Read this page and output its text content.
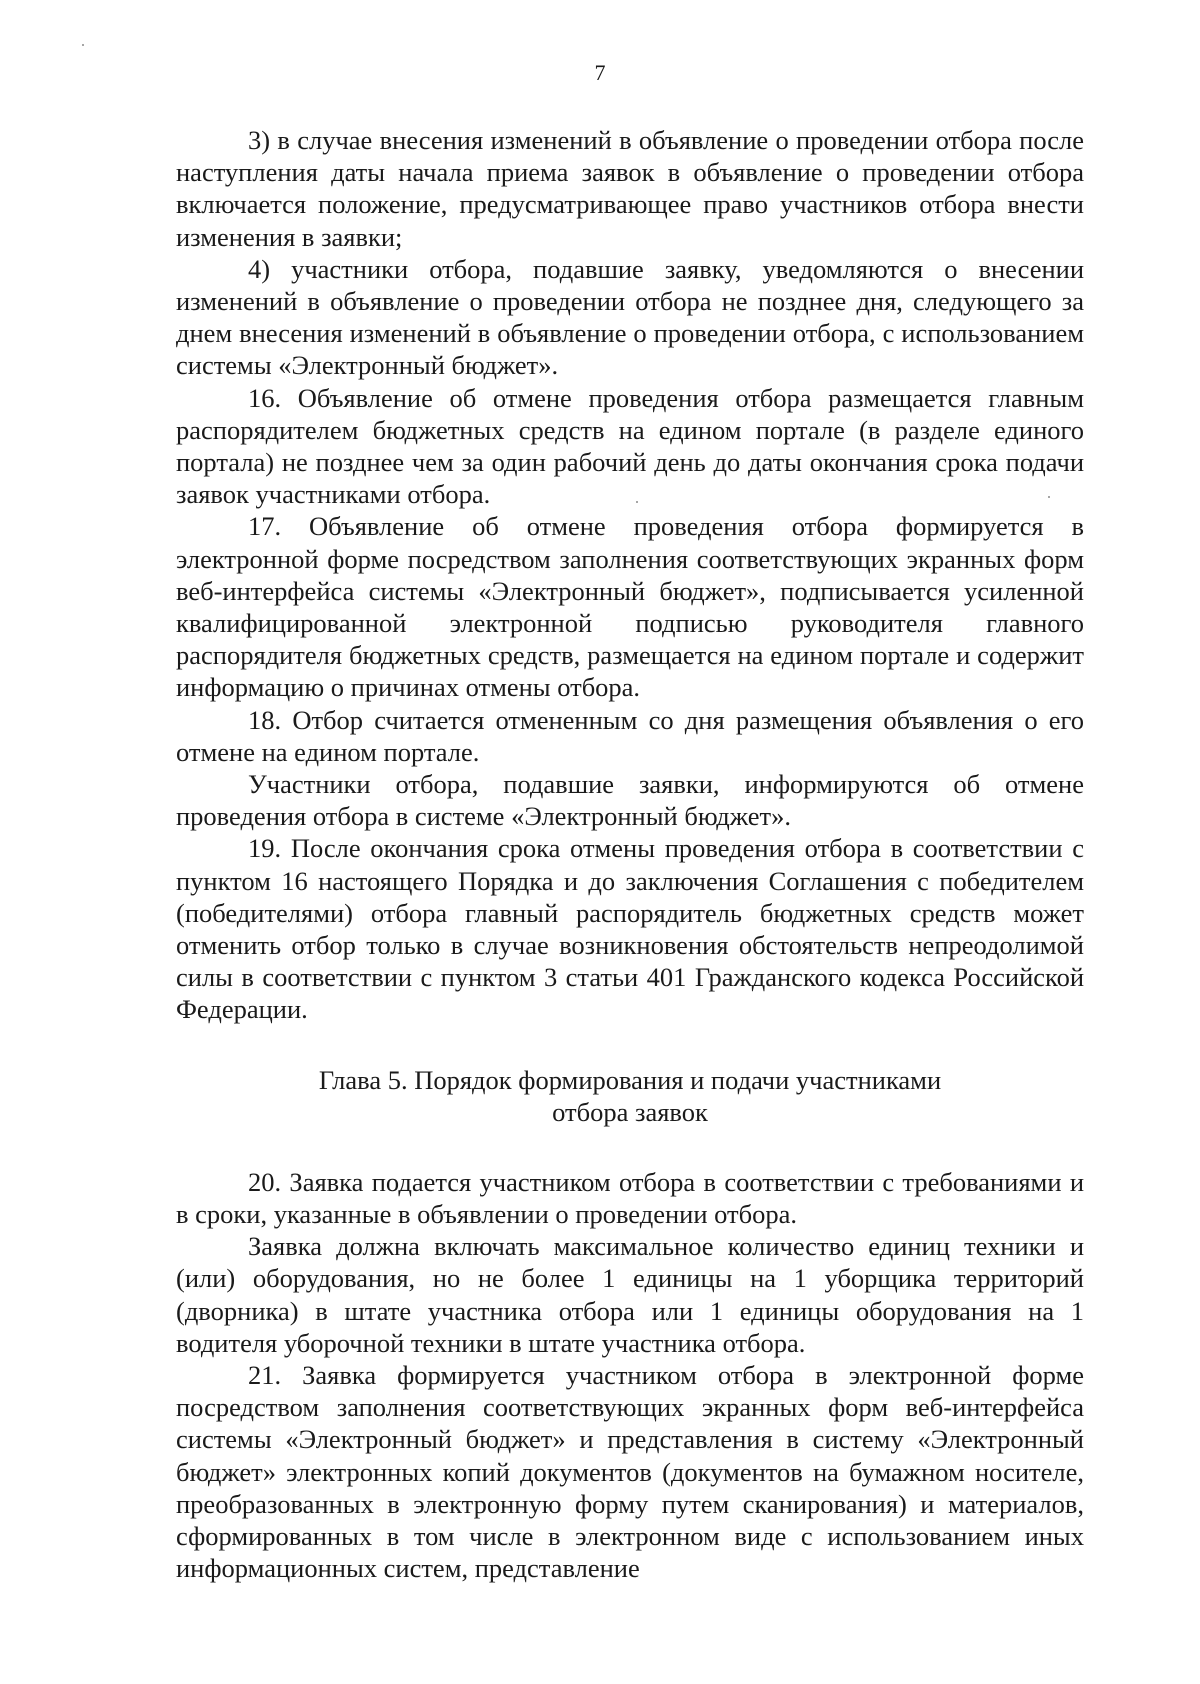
7

3) в случае внесения изменений в объявление о проведении отбора после наступления даты начала приема заявок в объявление о проведении отбора включается положение, предусматривающее право участников отбора внести изменения в заявки;

4) участники отбора, подавшие заявку, уведомляются о внесении изменений в объявление о проведении отбора не позднее дня, следующего за днем внесения изменений в объявление о проведении отбора, с использованием системы «Электронный бюджет».

16. Объявление об отмене проведения отбора размещается главным распорядителем бюджетных средств на едином портале (в разделе единого портала) не позднее чем за один рабочий день до даты окончания срока подачи заявок участниками отбора.

17. Объявление об отмене проведения отбора формируется в электронной форме посредством заполнения соответствующих экранных форм веб-интерфейса системы «Электронный бюджет», подписывается усиленной квалифицированной электронной подписью руководителя главного распорядителя бюджетных средств, размещается на едином портале и содержит информацию о причинах отмены отбора.

18. Отбор считается отмененным со дня размещения объявления о его отмене на едином портале.

Участники отбора, подавшие заявки, информируются об отмене проведения отбора в системе «Электронный бюджет».

19. После окончания срока отмены проведения отбора в соответствии с пунктом 16 настоящего Порядка и до заключения Соглашения с победителем (победителями) отбора главный распорядитель бюджетных средств может отменить отбор только в случае возникновения обстоятельств непреодолимой силы в соответствии с пунктом 3 статьи 401 Гражданского кодекса Российской Федерации.

Глава 5. Порядок формирования и подачи участниками
отбора заявок

20. Заявка подается участником отбора в соответствии с требованиями и в сроки, указанные в объявлении о проведении отбора.

Заявка должна включать максимальное количество единиц техники и (или) оборудования, но не более 1 единицы на 1 уборщика территорий (дворника) в штате участника отбора или 1 единицы оборудования на 1 водителя уборочной техники в штате участника отбора.

21. Заявка формируется участником отбора в электронной форме посредством заполнения соответствующих экранных форм веб-интерфейса системы «Электронный бюджет» и представления в систему «Электронный бюджет» электронных копий документов (документов на бумажном носителе, преобразованных в электронную форму путем сканирования) и материалов, сформированных в том числе в электронном виде с использованием иных информационных систем, представление
